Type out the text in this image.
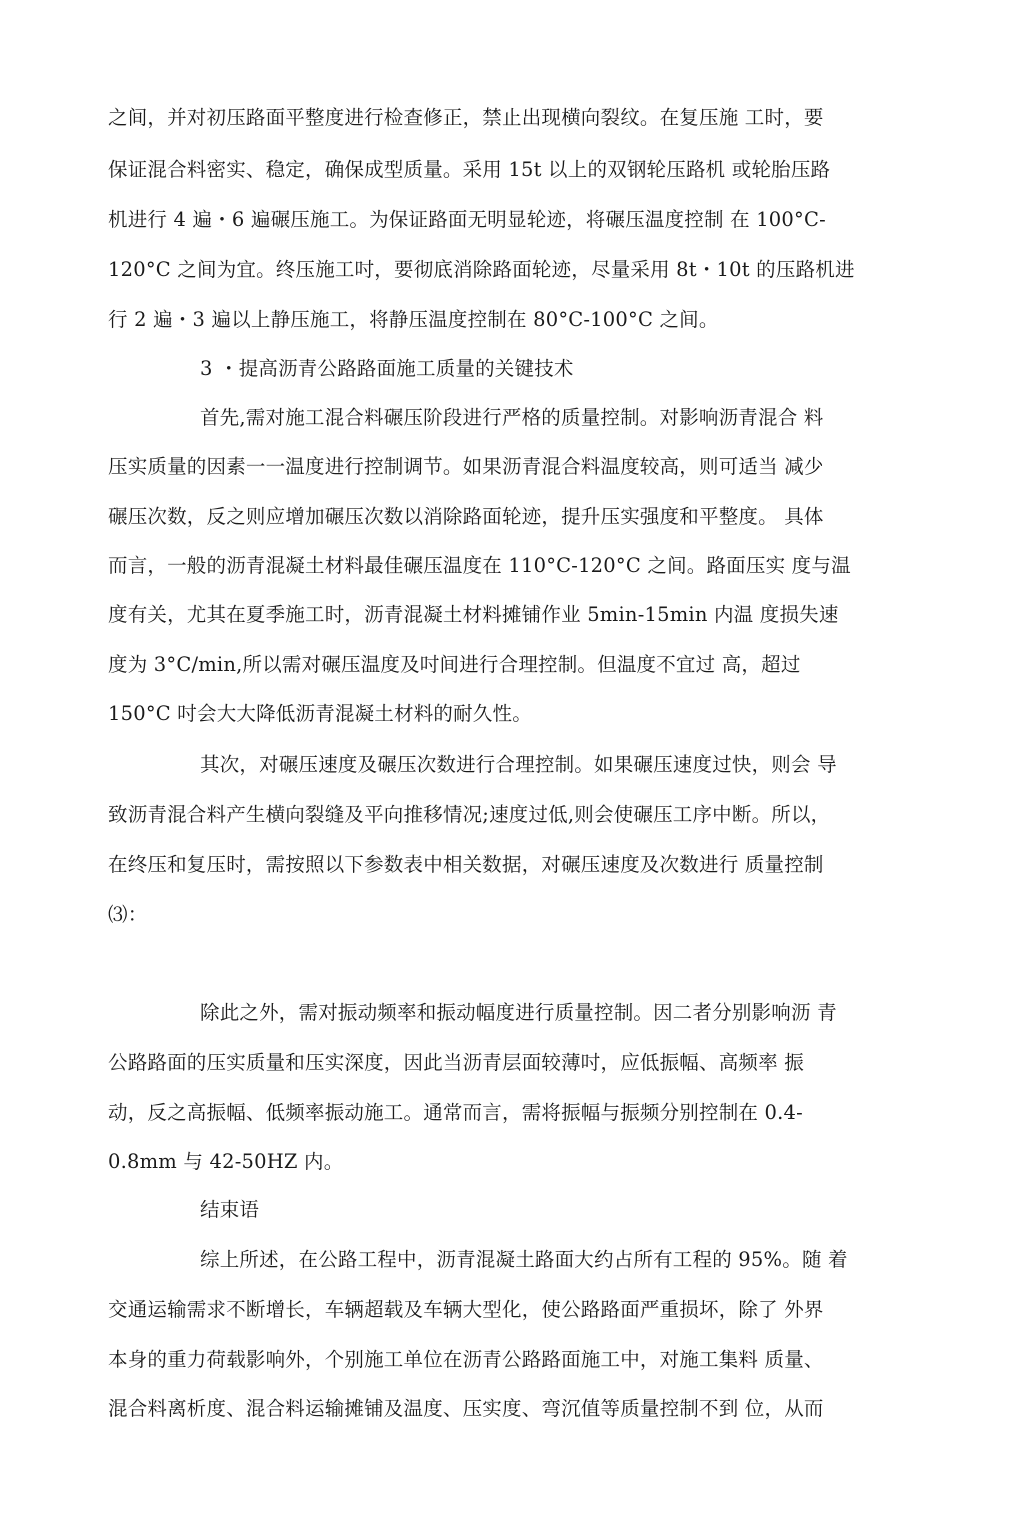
之间，并对初压路面平整度进行检查修正，禁止出现横向裂纹。在复压施 工时，要
保证混合料密实、稳定，确保成型质量。采用 15t 以上的双钢轮压路机 或轮胎压路
机进行 4 遍・6 遍碾压施工。为保证路面无明显轮迹，将碾压温度控制 在 100°C-
120°C 之间为宜。终压施工吋，要彻底消除路面轮迹，尽量采用 8t・10t 的压路机进
行 2 遍・3 遍以上静压施工，将静压温度控制在 80°C-100°C 之间。
3 ・提高沥青公路路面施工质量的关键技术
首先,需对施工混合料碾压阶段进行严格的质量控制。对影响沥青混合 料
压实质量的因素一一温度进行控制调节。如果沥青混合料温度较高，则可适当 减少
碾压次数，反之则应增加碾压次数以消除路面轮迹，提升压实强度和平整度。 具体
而言，一般的沥青混凝土材料最佳碾压温度在 110°C-120°C 之间。路面压实 度与温
度有关，尤其在夏季施工时，沥青混凝土材料摊铺作业 5min-15min 内温 度损失速
度为 3°C/min,所以需对碾压温度及吋间进行合理控制。但温度不宜过 高，超过
150°C 吋会大大降低沥青混凝土材料的耐久性。
其次，对碾压速度及碾压次数进行合理控制。如果碾压速度过快，则会 导
致沥青混合料产生横向裂缝及平向推移情况;速度过低,则会使碾压工序中断。所以，
在终压和复压时，需按照以下参数表中相关数据，对碾压速度及次数进行 质量控制
⑶：
除此之外，需对振动频率和振动幅度进行质量控制。因二者分别影响沥 青
公路路面的压实质量和压实深度，因此当沥青层面较薄吋，应低振幅、高频率 振
动，反之高振幅、低频率振动施工。通常而言，需将振幅与振频分别控制在 0.4-
0.8mm 与 42-50HZ 内。
结束语
综上所述，在公路工程中，沥青混凝土路面大约占所有工程的 95%。随 着
交通运输需求不断增长，车辆超载及车辆大型化，使公路路面严重损坏，除了 外界
本身的重力荷载影响外，个别施工单位在沥青公路路面施工中，对施工集料 质量、
混合料离析度、混合料运输摊铺及温度、压实度、弯沉值等质量控制不到 位，从而
